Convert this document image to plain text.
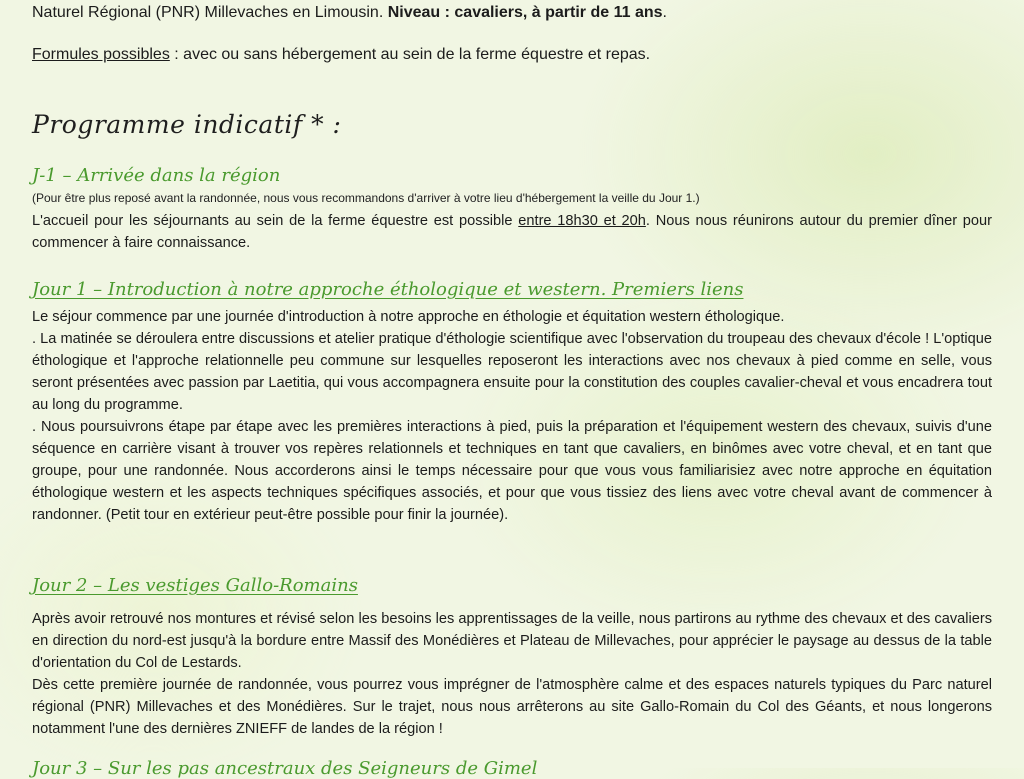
Naturel Régional (PNR) Millevaches en Limousin. Niveau : cavaliers, à partir de 11 ans.
Formules possibles : avec ou sans hébergement au sein de la ferme équestre et repas.
Programme indicatif * :
J-1 – Arrivée dans la région
(Pour être plus reposé avant la randonnée, nous vous recommandons d'arriver à votre lieu d'hébergement la veille du Jour 1.)

L'accueil pour les séjournants au sein de la ferme équestre est possible entre 18h30 et 20h. Nous nous réunirons autour du premier dîner pour commencer à faire connaissance.

Jour 1 – Introduction à notre approche éthologique et western. Premiers liens

Le séjour commence par une journée d'introduction à notre approche en éthologie et équitation western éthologique.

. La matinée se déroulera entre discussions et atelier pratique d'éthologie scientifique avec l'observation du troupeau des chevaux d'école ! L'optique éthologique et l'approche relationnelle peu commune sur lesquelles reposeront les interactions avec nos chevaux à pied comme en selle, vous seront présentées avec passion par Laetitia, qui vous accompagnera ensuite pour la constitution des couples cavalier-cheval et vous encadrera tout au long du programme.

. Nous poursuivrons étape par étape avec les premières interactions à pied, puis la préparation et l'équipement western des chevaux, suivis d'une séquence en carrière visant à trouver vos repères relationnels et techniques en tant que cavaliers, en binômes avec votre cheval, et en tant que groupe, pour une randonnée. Nous accorderons ainsi le temps nécessaire pour que vous vous familiarisiez avec notre approche en équitation éthologique western et les aspects techniques spécifiques associés, et pour que vous tissiez des liens avec votre cheval avant de commencer à randonner. (Petit tour en extérieur peut-être possible pour finir la journée).

Jour 2 – Les vestiges Gallo-Romains

Après avoir retrouvé nos montures et révisé selon les besoins les apprentissages de la veille, nous partirons au rythme des chevaux et des cavaliers en direction du nord-est jusqu'à la bordure entre Massif des Monédières et Plateau de Millevaches, pour apprécier le paysage au dessus de la table d'orientation du Col de Lestards.

Dès cette première journée de randonnée, vous pourrez vous imprégner de l'atmosphère calme et des espaces naturels typiques du Parc naturel régional (PNR) Millevaches et des Monédières. Sur le trajet, nous nous arrêterons au site Gallo-Romain du Col des Géants, et nous longerons notamment l'une des dernières ZNIEFF de landes de la région !

Jour 3 – Sur les pas ancestraux des Seigneurs de Gimel
